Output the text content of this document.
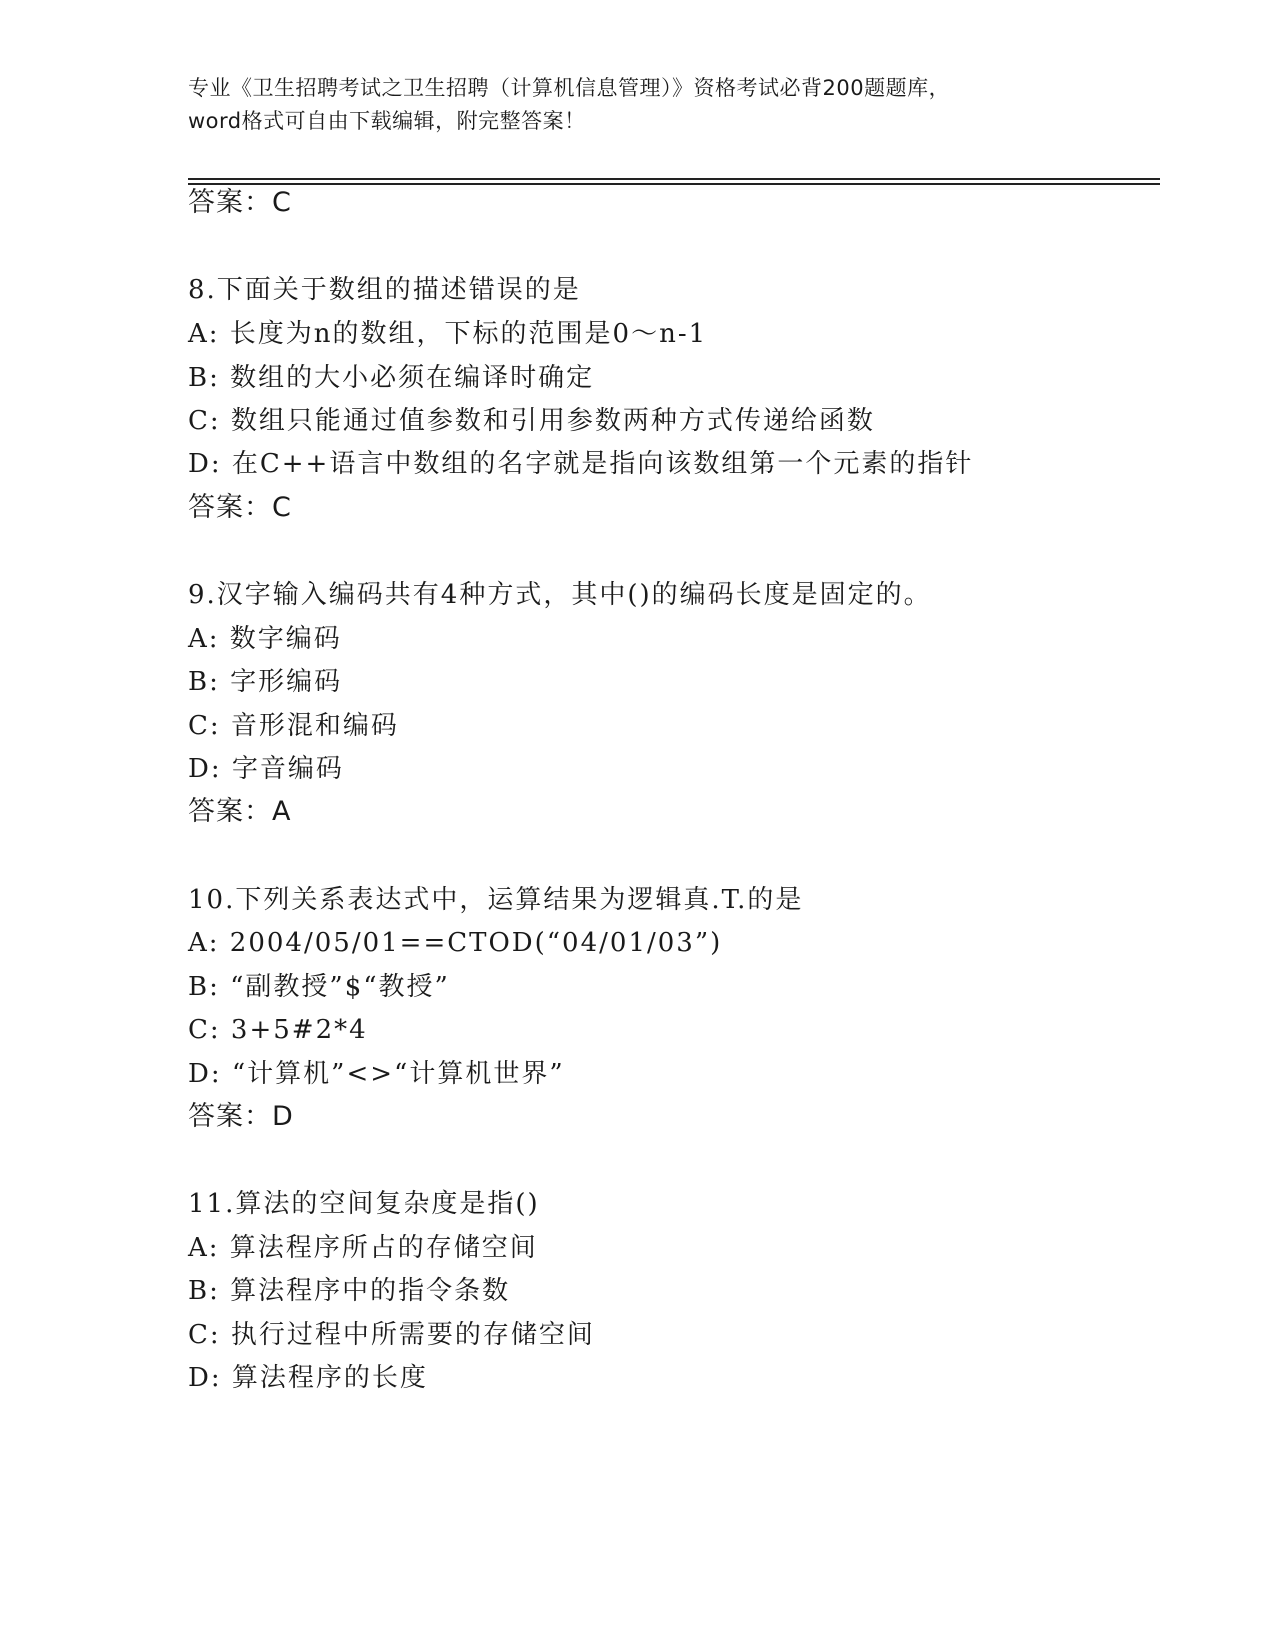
专业《卫生招聘考试之卫生招聘（计算机信息管理）》资格考试必背200题题库，
word格式可自由下载编辑，附完整答案！
答案：C
8.下面关于数组的描述错误的是
A: 长度为n的数组，下标的范围是0～n-1
B: 数组的大小必须在编译时确定
C: 数组只能通过值参数和引用参数两种方式传递给函数
D: 在C++语言中数组的名字就是指向该数组第一个元素的指针
答案：C
9.汉字输入编码共有4种方式，其中()的编码长度是固定的。
A: 数字编码
B: 字形编码
C: 音形混和编码
D: 字音编码
答案：A
10.下列关系表达式中，运算结果为逻辑真.T.的是
A: 2004/05/01==CTOD(“04/01/03”)
B: “副教授”$“教授”
C: 3+5#2*4
D: “计算机”<>“计算机世界”
答案：D
11.算法的空间复杂度是指()
A: 算法程序所占的存储空间
B: 算法程序中的指令条数
C: 执行过程中所需要的存储空间
D: 算法程序的长度
